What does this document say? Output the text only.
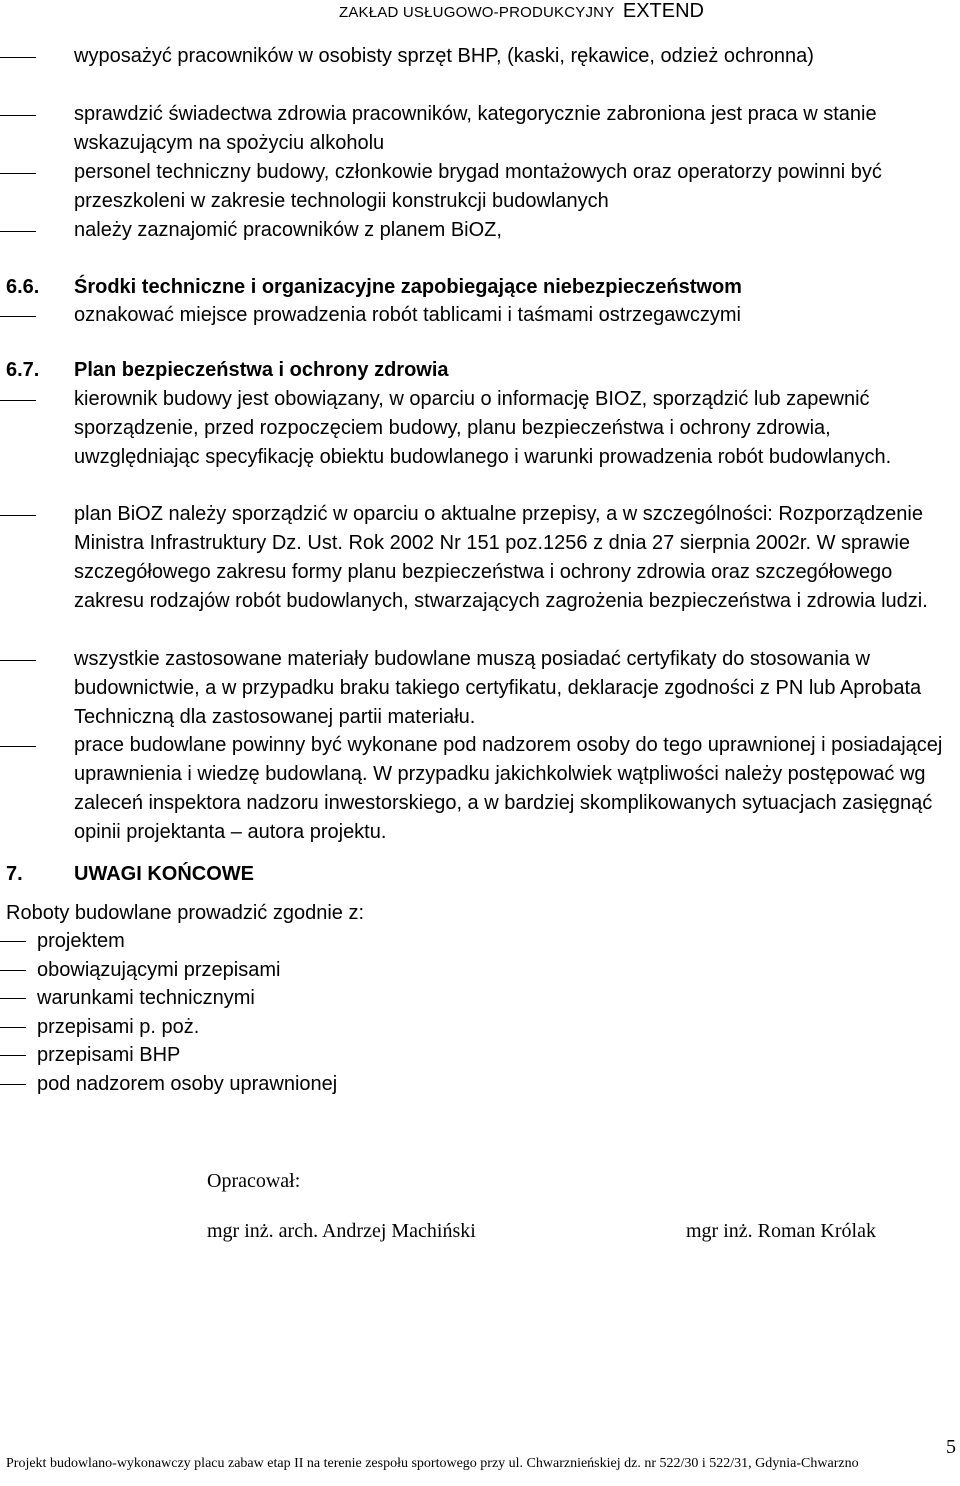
ZAKŁAD USŁUGOWO-PRODUKCYJNY EXTEND
wyposażyć pracowników w osobisty sprzęt BHP, (kaski, rękawice, odzież ochronna)
sprawdzić świadectwa zdrowia pracowników, kategorycznie zabroniona jest praca w stanie wskazującym na spożyciu alkoholu
personel techniczny budowy, członkowie brygad montażowych oraz operatorzy powinni być przeszkoleni w zakresie technologii konstrukcji budowlanych
należy zaznajomić pracowników z planem BiOZ,
6.6. Środki techniczne i organizacyjne zapobiegające niebezpieczeństwom
oznakować miejsce prowadzenia robót tablicami i taśmami ostrzegawczymi
6.7. Plan bezpieczeństwa i ochrony zdrowia
kierownik budowy jest obowiązany, w oparciu o informację BIOZ, sporządzić lub zapewnić sporządzenie, przed rozpoczęciem budowy, planu bezpieczeństwa i ochrony zdrowia, uwzględniając specyfikację obiektu budowlanego i warunki prowadzenia robót budowlanych.
plan BiOZ należy sporządzić w oparciu o aktualne przepisy, a w szczególności: Rozporządzenie Ministra Infrastruktury Dz. Ust. Rok 2002 Nr 151 poz.1256 z dnia 27 sierpnia 2002r. W sprawie szczegółowego zakresu formy planu bezpieczeństwa i ochrony zdrowia oraz szczegółowego zakresu rodzajów robót budowlanych, stwarzających zagrożenia bezpieczeństwa i zdrowia ludzi.
wszystkie zastosowane materiały budowlane muszą posiadać certyfikaty do stosowania w budownictwie, a w przypadku braku takiego certyfikatu, deklaracje zgodności z PN lub Aprobata Techniczną dla zastosowanej partii materiału.
prace budowlane powinny być wykonane pod nadzorem osoby do tego uprawnionej i posiadającej uprawnienia i wiedzę budowlaną. W przypadku jakichkolwiek wątpliwości należy postępować wg zaleceń inspektora nadzoru inwestorskiego, a w bardziej skomplikowanych sytuacjach zasięgnąć opinii projektanta – autora projektu.
7.	UWAGI KOŃCOWE
Roboty budowlane prowadzić zgodnie z:
projektem
obowiązującymi przepisami
warunkami technicznymi
przepisami p. poż.
przepisami BHP
pod nadzorem osoby uprawnionej
Opracował:
mgr inż. arch. Andrzej Machiński	mgr inż. Roman Królak
5
Projekt budowlano-wykonawczy placu zabaw etap II na terenie zespołu sportowego przy ul. Chwarznieńskiej dz. nr 522/30 i 522/31, Gdynia-Chwarzno
